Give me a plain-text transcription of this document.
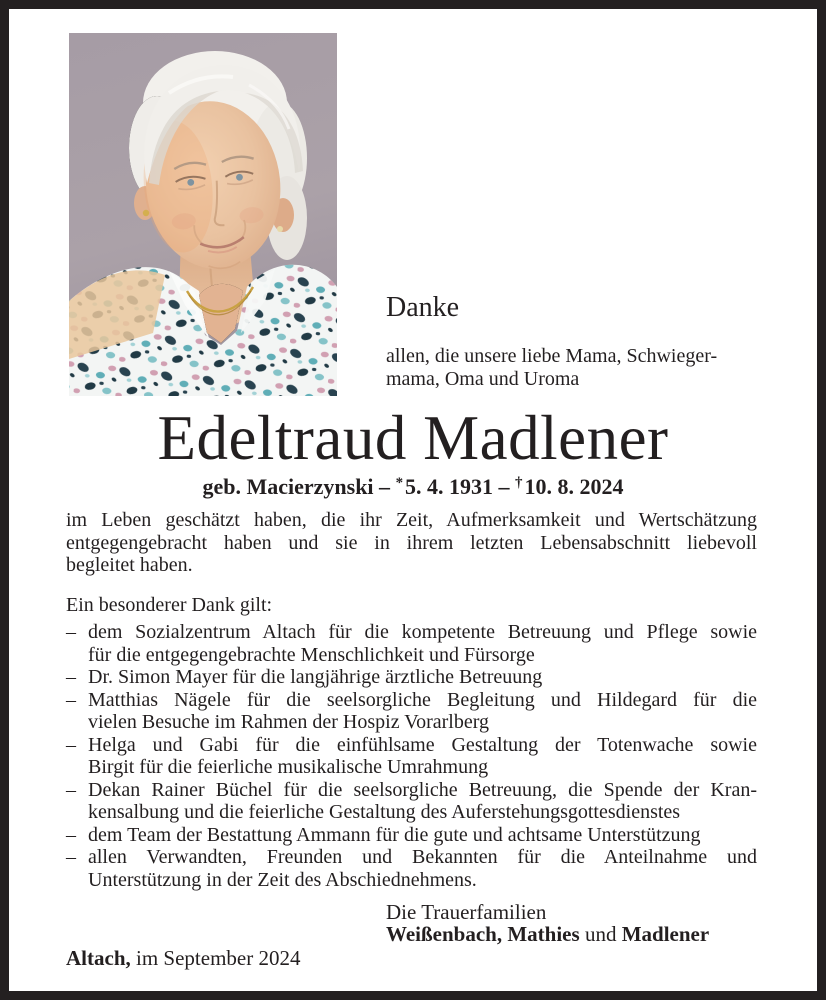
Danke
allen, die unsere liebe Mama, Schwieger-
mama, Oma und Uroma
Edeltraud Madlener
geb. Macierzynski – *5. 4. 1931 – †10. 8. 2024
im Leben geschätzt haben, die ihr Zeit, Aufmerksamkeit und Wertschätzung
entgegengebracht haben und sie in ihrem letzten Lebensabschnitt liebevoll
begleitet haben.
Ein besonderer Dank gilt:
– dem Sozialzentrum Altach für die kompetente Betreuung und Pflege sowie
für die entgegengebrachte Menschlichkeit und Fürsorge
– Dr. Simon Mayer für die langjährige ärztliche Betreuung
– Matthias Nägele für die seelsorgliche Begleitung und Hildegard für die
vielen Besuche im Rahmen der Hospiz Vorarlberg
– Helga und Gabi für die einfühlsame Gestaltung der Totenwache sowie
Birgit für die feierliche musikalische Umrahmung
– Dekan Rainer Büchel für die seelsorgliche Betreuung, die Spende der Kran-
kensalbung und die feierliche Gestaltung des Auferstehungsgottesdienstes
– dem Team der Bestattung Ammann für die gute und achtsame Unterstützung
– allen Verwandten, Freunden und Bekannten für die Anteilnahme und
Unterstützung in der Zeit des Abschiednehmens.
Die Trauerfamilien
Weißenbach, Mathies und Madlener
Altach, im September 2024
